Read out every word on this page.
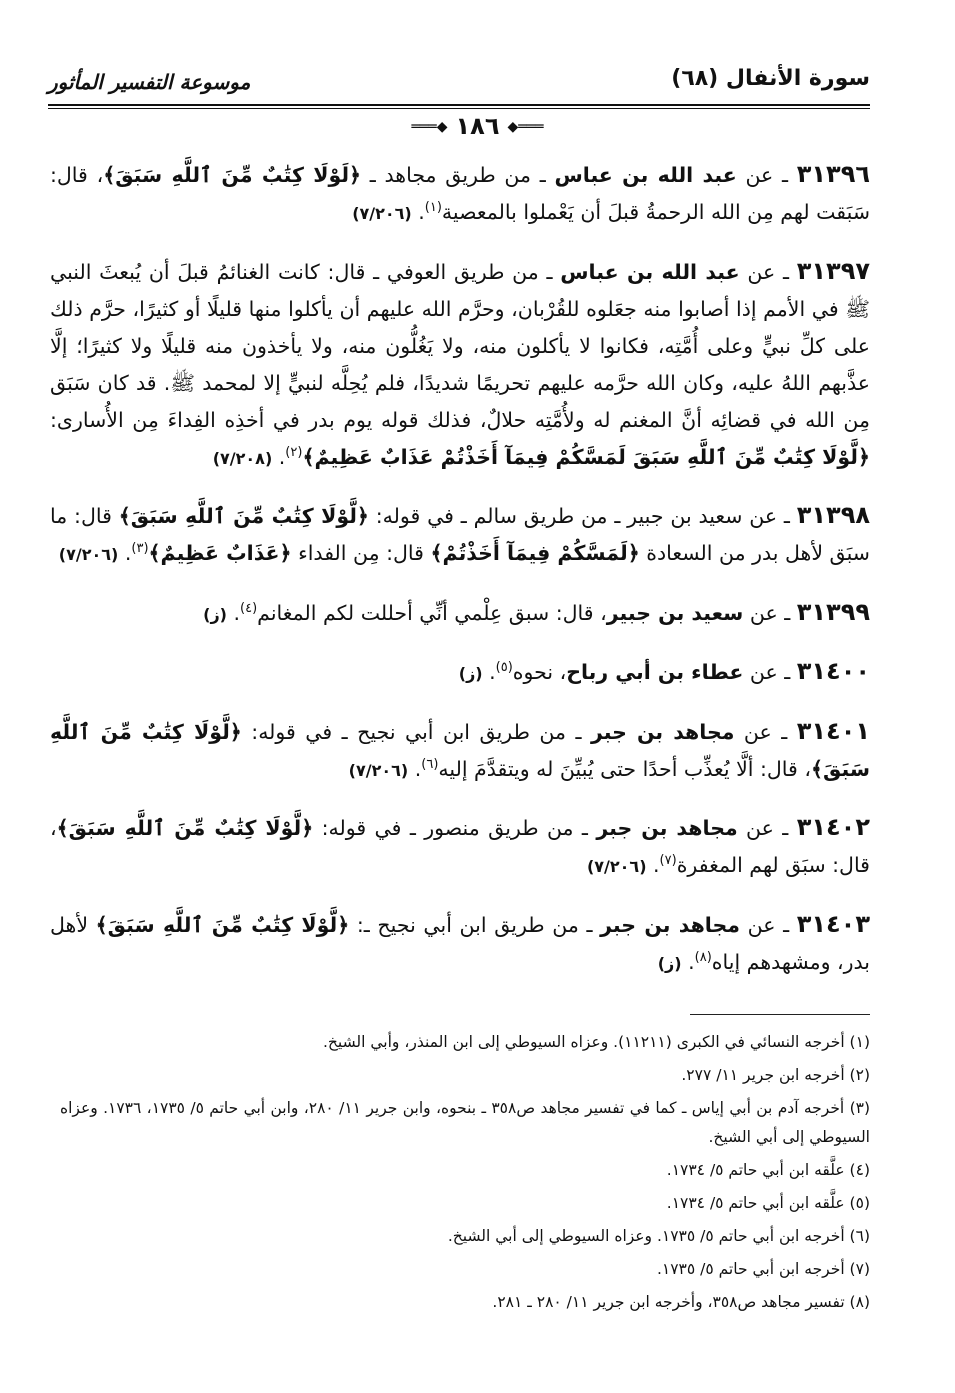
سورة الأنفال (٦٨)
موسوعة التفسير المأثور
═══◆ ١٨٦ ◆═══

٣١٣٩٦ ـ عن عبد الله بن عباس ـ من طريق مجاهد ـ ﴿لَوْلَا كِتَٰبٌ مِّنَ ٱللَّهِ سَبَقَ﴾، قال: سَبَقت لهم مِن الله الرحمةُ قبلَ أن يَعْملوا بالمعصية$^{(١)}$. (٧/٢٠٦)

٣١٣٩٧ ـ عن عبد الله بن عباس ـ من طريق العوفي ـ قال: كانت الغنائمُ قبلَ أن يُبعثَ النبي ﷺ في الأمم إذا أصابوا منه جعَلوه للقُرْبان، وحرَّم الله عليهم أن يأكلوا منها قليلًا أو كثيرًا، حرَّم ذلك على كلِّ نبيٍّ وعلى أُمَّتِه، فكانوا لا يأكلون منه، ولا يَغُلُّون منه، ولا يأخذون منه قليلًا ولا كثيرًا؛ إلَّا عذَّبهم اللهُ عليه، وكان الله حرَّمه عليهم تحريمًا شديدًا، فلم يُحِلَّه لنبيٍّ إلا لمحمد ﷺ. قد كان سَبَق مِن الله في قضائِه أنَّ المغنم له ولأُمَّتِه حلالٌ، فذلك قوله يوم بدر في أخذِه الفِداءَ مِن الأُسارى: ﴿لَّوْلَا كِتَٰبٌ مِّنَ ٱللَّهِ سَبَقَ لَمَسَّكُمْ فِيمَآ أَخَذْتُمْ عَذَابٌ عَظِيمٌ﴾$^{(٢)}$. (٧/٢٠٨)

٣١٣٩٨ ـ عن سعيد بن جبير ـ من طريق سالم ـ في قوله: ﴿لَّوْلَا كِتَٰبٌ مِّنَ ٱللَّهِ سَبَقَ﴾ قال: ما سبَق لأهل بدر من السعادة ﴿لَمَسَّكُمْ فِيمَآ أَخَذْتُمْ﴾ قال: مِن الفداء ﴿عَذَابٌ عَظِيمٌ﴾$^{(٣)}$. (٧/٢٠٦)

٣١٣٩٩ ـ عن سعيد بن جبير، قال: سبق عِلْمي أنِّي أحللت لكم المغانم$^{(٤)}$. (ز)

٣١٤٠٠ ـ عن عطاء بن أبي رباح، نحوه$^{(٥)}$. (ز)

٣١٤٠١ ـ عن مجاهد بن جبر ـ من طريق ابن أبي نجيح ـ في قوله: ﴿لَّوْلَا كِتَٰبٌ مِّنَ ٱللَّهِ سَبَقَ﴾، قال: ألَّا يُعذِّب أحدًا حتى يُبيِّنَ له ويتقدَّمَ إليه$^{(٦)}$. (٧/٢٠٦)

٣١٤٠٢ ـ عن مجاهد بن جبر ـ من طريق منصور ـ في قوله: ﴿لَّوْلَا كِتَٰبٌ مِّنَ ٱللَّهِ سَبَقَ﴾، قال: سبَق لهم المغفرة$^{(٧)}$. (٧/٢٠٦)

٣١٤٠٣ ـ عن مجاهد بن جبر ـ من طريق ابن أبي نجيح ـ: ﴿لَّوْلَا كِتَٰبٌ مِّنَ ٱللَّهِ سَبَقَ﴾ لأهل بدر، ومشهدهم إياه$^{(٨)}$. (ز)

(١) أخرجه النسائي في الكبرى (١١٢١١). وعزاه السيوطي إلى ابن المنذر، وأبي الشيخ.
(٢) أخرجه ابن جرير ١١/ ٢٧٧.
(٣) أخرجه آدم بن أبي إياس ـ كما في تفسير مجاهد ص٣٥٨ ـ بنحوه، وابن جرير ١١/ ٢٨٠، وابن أبي حاتم ٥/ ١٧٣٥، ١٧٣٦. وعزاه السيوطي إلى أبي الشيخ.
(٤) علَّقه ابن أبي حاتم ٥/ ١٧٣٤.
(٥) علَّقه ابن أبي حاتم ٥/ ١٧٣٤.
(٦) أخرجه ابن أبي حاتم ٥/ ١٧٣٥. وعزاه السيوطي إلى أبي الشيخ.
(٧) أخرجه ابن أبي حاتم ٥/ ١٧٣٥.
(٨) تفسير مجاهد ص٣٥٨، وأخرجه ابن جرير ١١/ ٢٨٠ ـ ٢٨١.
